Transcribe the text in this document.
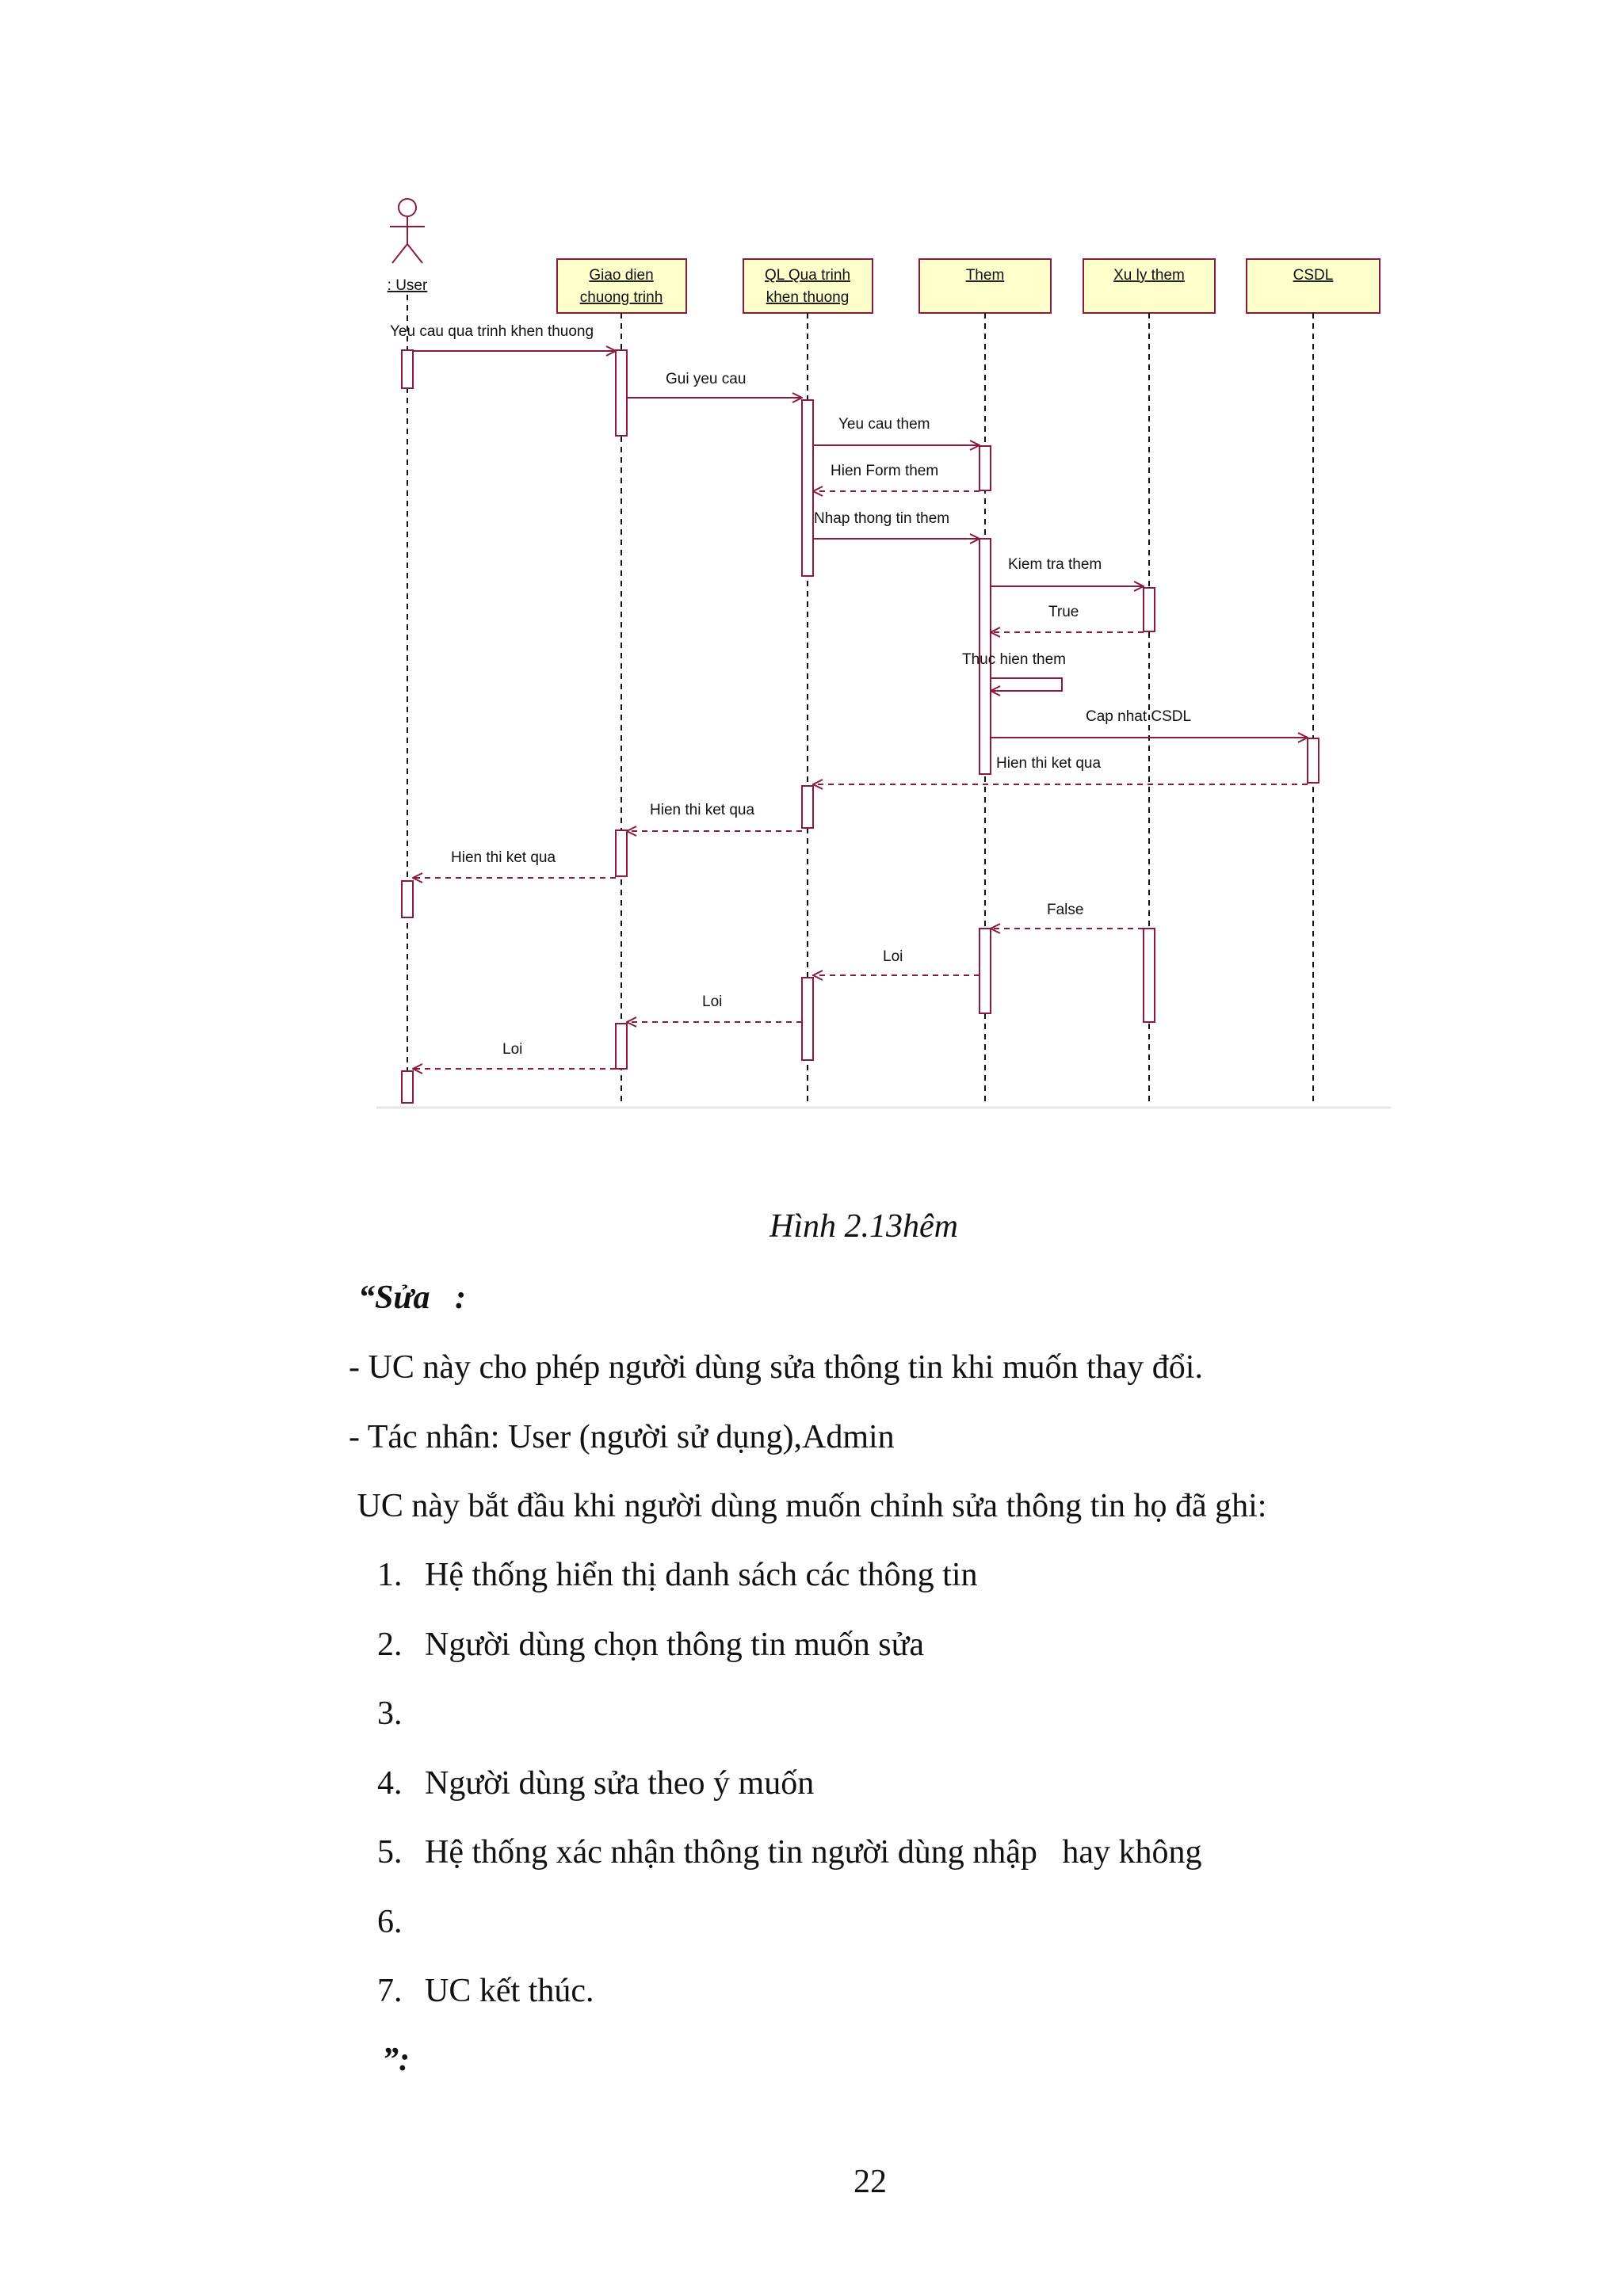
: User
Giao dien
chuong trinh
QL Qua trinh
khen thuong
Them	Xu ly them	CSDL
Yeu cau qua trinh khen thuong
Gui yeu cau
Yeu cau them
Hien Form them
Nhap thong tin them
Kiem tra them
True
Thuc hien them
Cap nhat CSDL
Hien thi ket qua
Hien thi ket qua
Hien thi ket qua
False
Loi
Loi
Loi
Hình 2.13hêm
“Sửa   :
- UC này cho phép người dùng sửa thông tin khi muốn thay đổi.
- Tác nhân: User (người sử dụng),Admin
UC này bắt đầu khi người dùng muốn chỉnh sửa thông tin họ đã ghi:
1. Hệ thống hiển thị danh sách các thông tin
2. Người dùng chọn thông tin muốn sửa
3.
4. Người dùng sửa theo ý muốn
5. Hệ thống xác nhận thông tin người dùng nhập   hay không
6.
7. UC kết thúc.
”:
22
